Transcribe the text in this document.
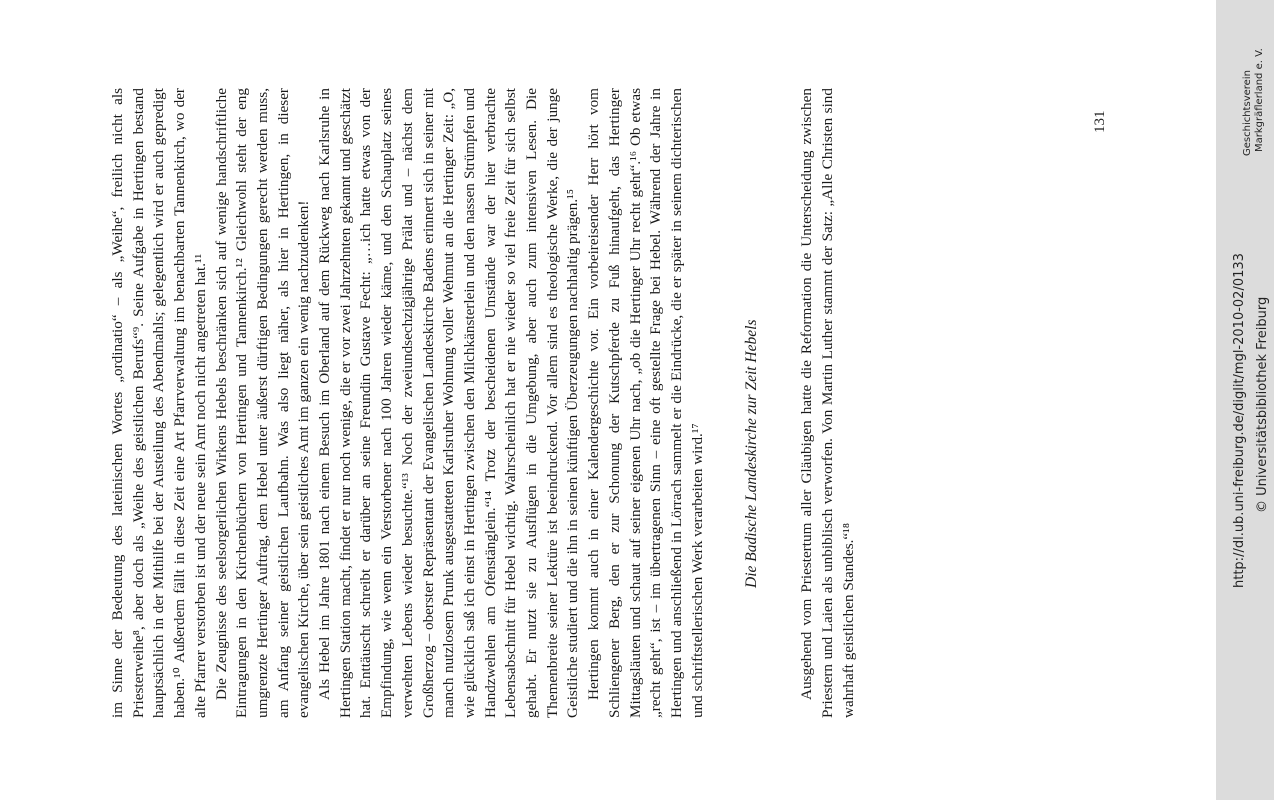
im Sinne der Bedeutung des lateinischen Wortes „ordinatio“ – als „Weihe“, freilich nicht als Priesterweihe⁸, aber doch als „Weihe des geistlichen Berufs“⁹. Seine Aufgabe in Hertingen bestand hauptsächlich in der Mithilfe bei der Austeilung des Abendmahls; gelegentlich wird er auch gepredigt haben.¹⁰ Außerdem fällt in diese Zeit eine Art Pfarrverwaltung im benachbarten Tannenkirch, wo der alte Pfarrer verstorben ist und der neue sein Amt noch nicht angetreten hat.¹¹ Die Zeugnisse des seelsorgerlichen Wirkens Hebels beschränken sich auf wenige handschriftliche Eintragungen in den Kirchenbüchern von Hertingen und Tannenkirch.¹² Gleichwohl steht der eng umgrenzte Hertinger Auftrag, dem Hebel unter äußerst dürftigen Bedingungen gerecht werden muss, am Anfang seiner geistlichen Laufbahn. Was also liegt näher, als hier in Hertingen, in dieser evangelischen Kirche, über sein geistliches Amt im ganzen ein wenig nachzudenken! Als Hebel im Jahre 1801 nach einem Besuch im Oberland auf dem Rückweg nach Karlsruhe in Hertingen Station macht, findet er nur noch wenige, die er vor zwei Jahrzehnten gekannt und geschätzt hat. Enttäuscht schreibt er darüber an seine Freundin Gustave Fecht: „…ich hatte etwas von der Empfindung, wie wenn ein Verstorbener nach 100 Jahren wieder käme, und den Schauplatz seines verwehten Lebens wieder besuchte.“¹³ Noch der zweiundsechzigjährige Prälat und – nächst dem Großherzog – oberster Repräsentant der Evangelischen Landeskirche Badens erinnert sich in seiner mit manch nutzlosem Prunk ausgestatteten Karlsruher Wohnung voller Wehmut an die Hertinger Zeit: „O, wie glücklich saß ich einst in Hertingen zwischen den Milchkänsterlein und den nassen Strümpfen und Handzwehlen am Ofenstänglein.“¹⁴ Trotz der bescheidenen Umstände war der hier verbrachte Lebensabschnitt für Hebel wichtig. Wahrscheinlich hat er nie wieder so viel freie Zeit für sich selbst gehabt. Er nutzt sie zu Ausflügen in die Umgebung, aber auch zum intensiven Lesen. Die Themenbreite seiner Lektüre ist beeindruckend. Vor allem sind es theologische Werke, die der junge Geistliche studiert und die ihn in seinen künftigen Überzeugungen nachhaltig prägen.¹⁵ Hertingen kommt auch in einer Kalendergeschichte vor. Ein vorbeireisender Herr hört vom Schliengener Berg, den er zur Schonung der Kutschpferde zu Fuß hinaufgeht, das Hertinger Mittagsläuten und schaut auf seiner eigenen Uhr nach, „ob die Hertinger Uhr recht geht“.¹⁶ Ob etwas „recht geht“, ist – im übertragenen Sinn – eine oft gestellte Frage bei Hebel. Während der Jahre in Hertingen und anschließend in Lörrach sammelt er die Eindrücke, die er später in seinem dichterischen und schriftstellerischen Werk verarbeiten wird.¹⁷ Die Badische Landeskirche zur Zeit Hebels Ausgehend vom Priestertum aller Gläubigen hatte die Reformation die Unterscheidung zwischen Priestern und Laien als unbiblisch verworfen. Von Martin Luther stammt der Satz: „Alle Christen sind wahrhaft geistlichen Standes.“¹⁸

131
http://dl.ub.uni-freiburg.de/diglit/mgl-2010-02/0133 © Universitätsbibliothek Freiburg
Geschichtsverein Markgräflerland e. V.
